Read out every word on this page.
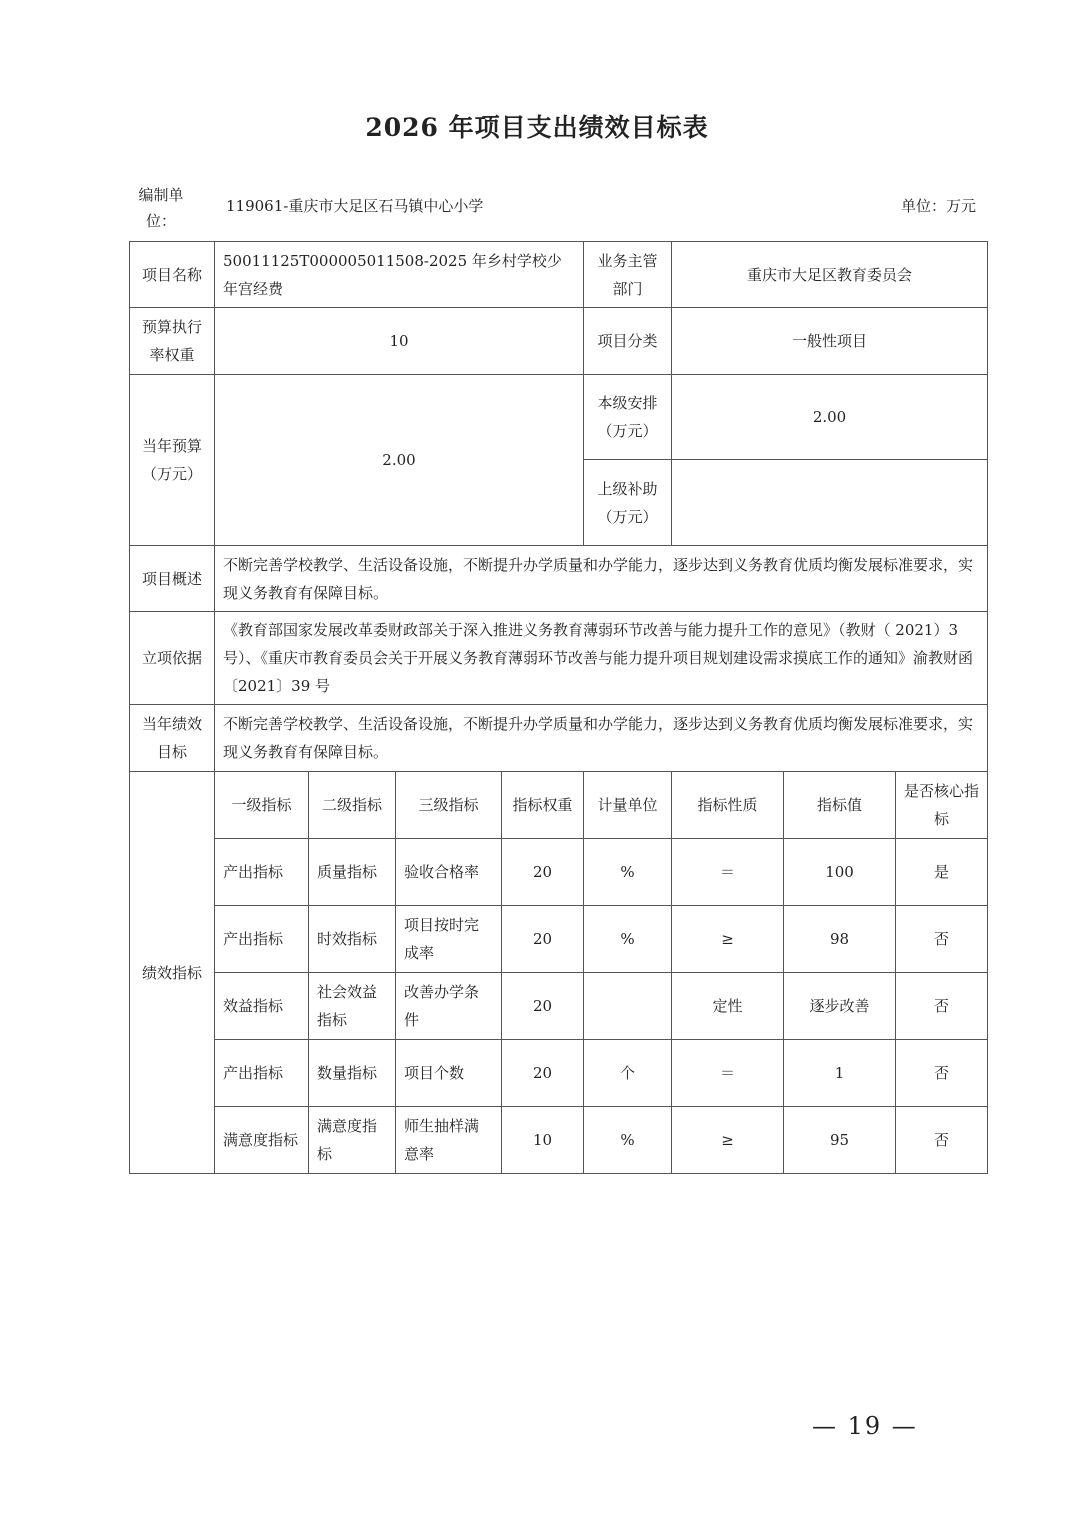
2026 年项目支出绩效目标表
编制单位：
119061-重庆市大足区石马镇中心小学	单位：万元
项目名称	50011125T000005011508-2025 年乡村学校少年宫经费				业务主管部门	重庆市大足区教育委员会		
预算执行率权重	10				项目分类	一般性项目		
当年预算（万元）	2.00				本级安排（万元）	2.00		
					上级补助（万元）			
项目概述	不断完善学校教学、生活设备设施，不断提升办学质量和办学能力，逐步达到义务教育优质均衡发展标准要求，实现义务教育有保障目标。							
立项依据	《教育部国家发展改革委财政部关于深入推进义务教育薄弱环节改善与能力提升工作的意见》（教财（ 2021）3 号）、《重庆市教育委员会关于开展义务教育薄弱环节改善与能力提升项目规划建设需求摸底工作的通知》渝教财函〔2021〕39 号							
当年绩效目标	不断完善学校教学、生活设备设施，不断提升办学质量和办学能力，逐步达到义务教育优质均衡发展标准要求，实现义务教育有保障目标。							
绩效指标	一级指标	二级指标	三级指标	指标权重	计量单位	指标性质	指标值	是否核心指标
	产出指标	质量指标	验收合格率	20	%	＝	100	是
	产出指标	时效指标	项目按时完成率	20	%	≥	98	否
	效益指标	社会效益指标	改善办学条件	20		定性	逐步改善	否
	产出指标	数量指标	项目个数	20	个	＝	1	否
	满意度指标	满意度指标	师生抽样满意率	10	%	≥	95	否
— 19 —
